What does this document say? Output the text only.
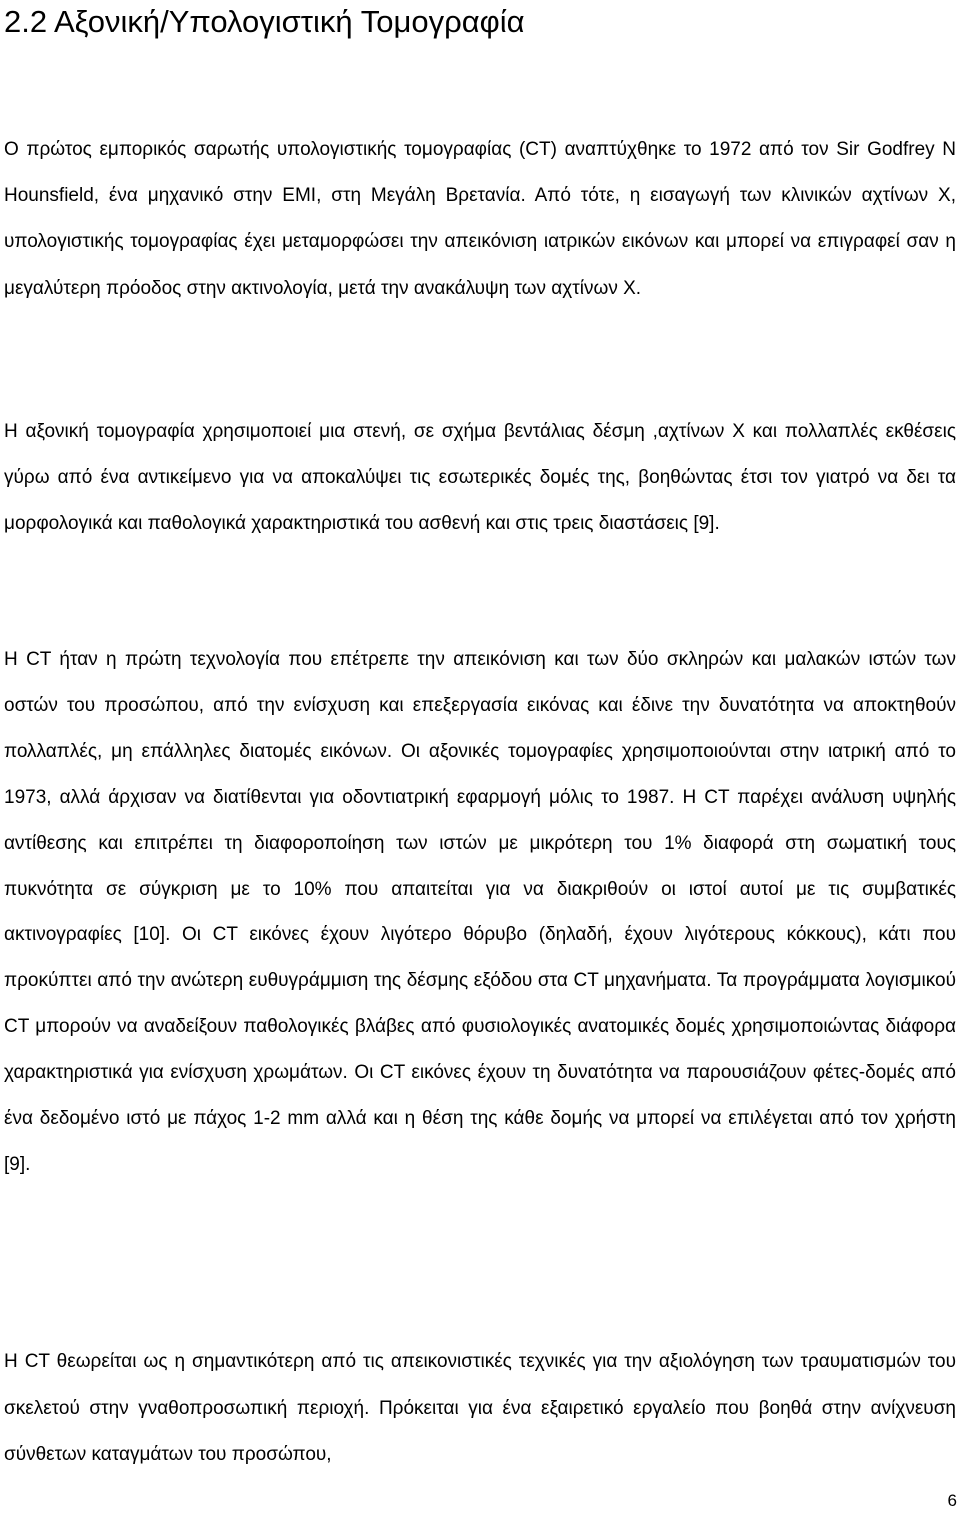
2.2 Αξονική/Υπολογιστική Τομογραφία

Ο πρώτος εμπορικός σαρωτής υπολογιστικής τομογραφίας (CT) αναπτύχθηκε το 1972 από τον Sir Godfrey N Hounsfield, ένα μηχανικό στην EMI, στη Μεγάλη Βρετανία. Από τότε, η εισαγωγή των κλινικών αχτίνων X, υπολογιστικής τομογραφίας έχει μεταμορφώσει την απεικόνιση ιατρικών εικόνων και μπορεί να επιγραφεί σαν η μεγαλύτερη πρόοδος στην ακτινολογία, μετά την ανακάλυψη των αχτίνων X.

Η αξονική τομογραφία χρησιμοποιεί μια στενή, σε σχήμα βεντάλιας δέσμη ,αχτίνων Χ και πολλαπλές εκθέσεις γύρω από ένα αντικείμενο για να αποκαλύψει τις εσωτερικές δομές της, βοηθώντας έτσι τον γιατρό να δει τα μορφολογικά και παθολογικά χαρακτηριστικά του ασθενή και στις τρεις διαστάσεις [9].

Η CT ήταν η πρώτη τεχνολογία που επέτρεπε την απεικόνιση και των δύο σκληρών και μαλακών ιστών των οστών του προσώπου, από την ενίσχυση και επεξεργασία εικόνας και έδινε την δυνατότητα να αποκτηθούν πολλαπλές, μη επάλληλες διατομές εικόνων. Οι αξονικές τομογραφίες χρησιμοποιούνται στην ιατρική από το 1973, αλλά άρχισαν να διατίθενται για οδοντιατρική εφαρμογή μόλις το 1987. Η CT παρέχει ανάλυση υψηλής αντίθεσης και επιτρέπει τη διαφοροποίηση των ιστών με μικρότερη του 1% διαφορά στη σωματική τους πυκνότητα σε σύγκριση με το 10% που απαιτείται για να διακριθούν οι ιστοί αυτοί με τις συμβατικές ακτινογραφίες [10]. Οι CT εικόνες έχουν λιγότερο θόρυβο (δηλαδή, έχουν λιγότερους κόκκους), κάτι που προκύπτει από την ανώτερη ευθυγράμμιση της δέσμης εξόδου στα CT μηχανήματα. Τα προγράμματα λογισμικού CT μπορούν να αναδείξουν παθολογικές βλάβες από φυσιολογικές ανατομικές δομές χρησιμοποιώντας διάφορα χαρακτηριστικά για ενίσχυση χρωμάτων. Οι CT εικόνες έχουν τη δυνατότητα να παρουσιάζουν φέτες-δομές από ένα δεδομένο ιστό με πάχος 1-2 mm αλλά και η θέση της κάθε δομής να μπορεί να επιλέγεται από τον χρήστη [9].

Η CT θεωρείται ως η σημαντικότερη από τις απεικονιστικές τεχνικές για την αξιολόγηση των τραυματισμών του σκελετού στην γναθοπροσωπική περιοχή. Πρόκειται για ένα εξαιρετικό εργαλείο που βοηθά στην ανίχνευση σύνθετων καταγμάτων του προσώπου,

6
